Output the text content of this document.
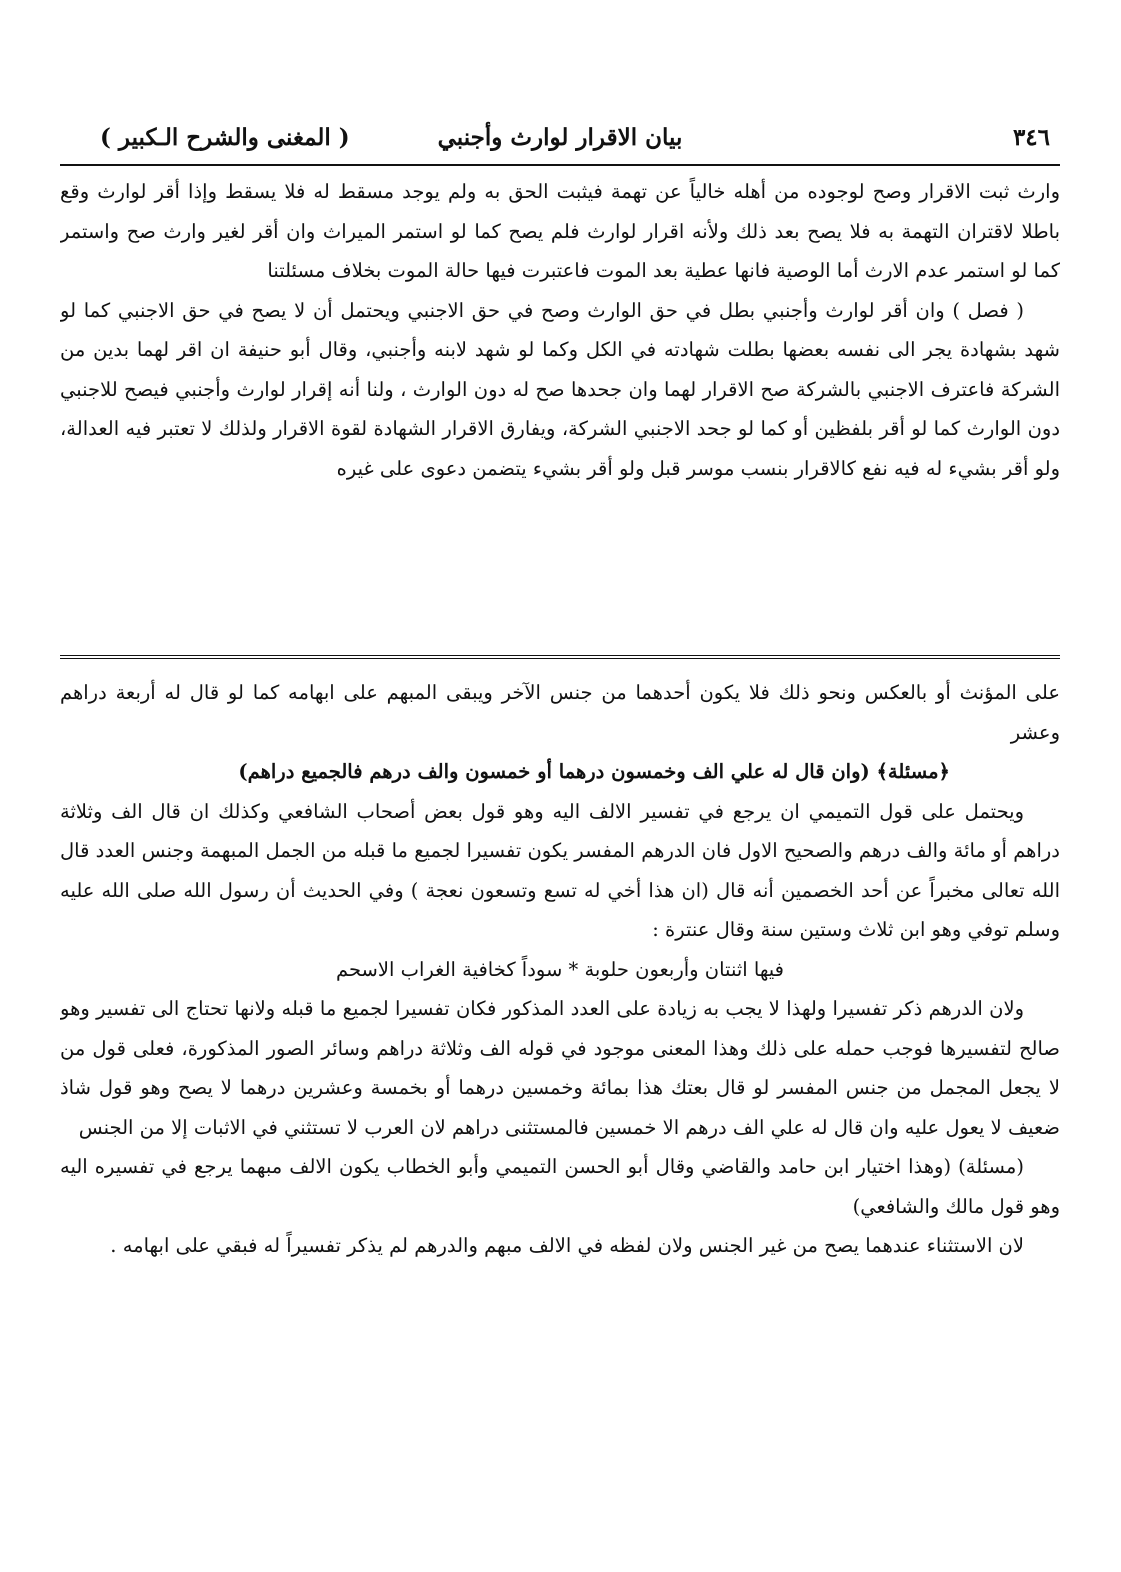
٣٤٦
بيان الاقرار لوارث وأجنبي
( المغنى والشرح الـكبير )

وارث ثبت الاقرار وصح لوجوده من أهله خالياً عن تهمة فيثبت الحق به ولم يوجد مسقط له فلا يسقط وإذا أقر لوارث وقع باطلا لاقتران التهمة به فلا يصح بعد ذلك ولأنه اقرار لوارث فلم يصح كما لو استمر الميراث وان أقر لغير وارث صح واستمر كما لو استمر عدم الارث أما الوصية فانها عطية بعد الموت فاعتبرت فيها حالة الموت بخلاف مسئلتنا

( فصل ) وان أقر لوارث وأجنبي بطل في حق الوارث وصح في حق الاجنبي ويحتمل أن لا يصح في حق الاجنبي كما لو شهد بشهادة يجر الى نفسه بعضها بطلت شهادته في الكل وكما لو شهد لابنه وأجنبي، وقال أبو حنيفة ان اقر لهما بدين من الشركة فاعترف الاجنبي بالشركة صح الاقرار لهما وان جحدها صح له دون الوارث ، ولنا أنه إقرار لوارث وأجنبي فيصح للاجنبي دون الوارث كما لو أقر بلفظين أو كما لو جحد الاجنبي الشركة، ويفارق الاقرار الشهادة لقوة الاقرار ولذلك لا تعتبر فيه العدالة، ولو أقر بشيء له فيه نفع كالاقرار بنسب موسر قبل ولو أقر بشيء يتضمن دعوى على غيره

على المؤنث أو بالعكس ونحو ذلك فلا يكون أحدهما من جنس الآخر ويبقى المبهم على ابهامه كما لو قال له أربعة دراهم وعشر

﴿مسئلة﴾ (وان قال له علي الف وخمسون درهما أو خمسون والف درهم فالجميع دراهم)

ويحتمل على قول التميمي ان يرجع في تفسير الالف اليه وهو قول بعض أصحاب الشافعي وكذلك ان قال الف وثلاثة دراهم أو مائة والف درهم والصحيح الاول فان الدرهم المفسر يكون تفسيرا لجميع ما قبله من الجمل المبهمة وجنس العدد قال الله تعالى مخبراً عن أحد الخصمين أنه قال (ان هذا أخي له تسع وتسعون نعجة ) وفي الحديث أن رسول الله صلى الله عليه وسلم توفي وهو ابن ثلاث وستين سنة وقال عنترة :

فيها اثنتان وأربعون حلوبة * سوداً كخافية الغراب الاسحم

ولان الدرهم ذكر تفسيرا ولهذا لا يجب به زيادة على العدد المذكور فكان تفسيرا لجميع ما قبله ولانها تحتاج الى تفسير وهو صالح لتفسيرها فوجب حمله على ذلك وهذا المعنى موجود في قوله الف وثلاثة دراهم وسائر الصور المذكورة، فعلى قول من لا يجعل المجمل من جنس المفسر لو قال بعتك هذا بمائة وخمسين درهما أو بخمسة وعشرين درهما لا يصح وهو قول شاذ ضعيف لا يعول عليه وان قال له علي الف درهم الا خمسين فالمستثنى دراهم لان العرب لا تستثني في الاثبات إلا من الجنس

(مسئلة) (وهذا اختيار ابن حامد والقاضي وقال أبو الحسن التميمي وأبو الخطاب يكون الالف مبهما يرجع في تفسيره اليه وهو قول مالك والشافعي)

لان الاستثناء عندهما يصح من غير الجنس ولان لفظه في الالف مبهم والدرهم لم يذكر تفسيراً له فبقي على ابهامه .
